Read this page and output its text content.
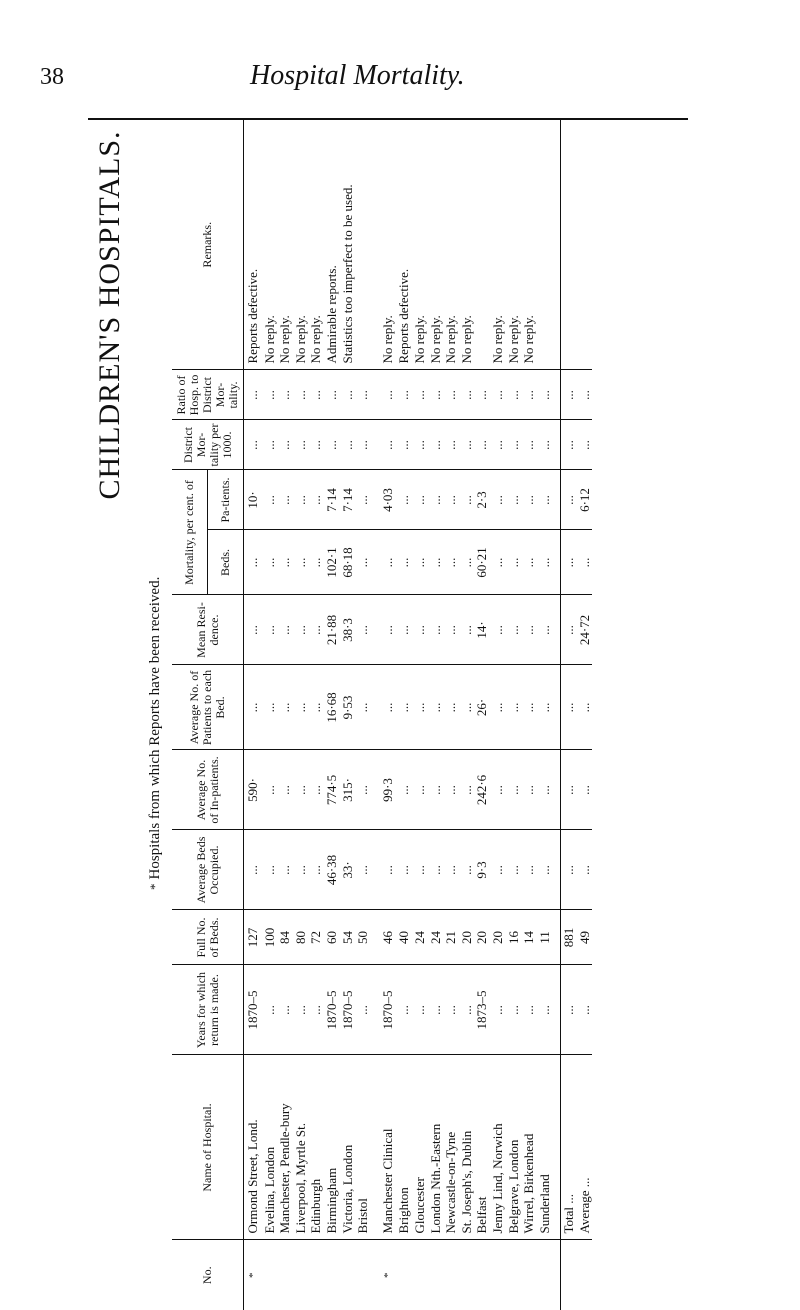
38	Hospital Mortality.
CHILDREN'S HOSPITALS.
*
Hospitals from which Reports have been received.
No.	Name of Hospital.	Years for which return is made.	Full No. of Beds.	Average Beds Occupied.	Average No. of In-patients.	Average No. of Patients to each Bed.	Mean Resi-dence.	Mortality, per cent. of		District Mor-tality per 1000.	Ratio of Hosp. to District Mor-tality.	Remarks.
								Beds.	Pa-tients.			
*	Ormond Street, Lond.	1870–5	127	...	590·	...	...	...	10·	...	...	Reports defective.
	Evelina, London	...	100	...	...	...	...	...	...	...	...	No reply.
	Manchester, Pendle-bury	...	84	...	...	...	...	...	...	...	...	No reply.
	Liverpool, Myrtle St.	...	80	...	...	...	...	...	...	...	...	No reply.
	Edinburgh	...	72	...	...	...	...	...	...	...	...	No reply.
	Birmingham	1870–5	60	46·38	774·5	16·68	21·88	102·1	7·14	...	...	Admirable reports.
	Victoria, London	1870–5	54	33·	315·	9·53	38·3	68·18	7·14	...	...	Statistics too imperfect to be used.
	Bristol	...	50	...	...	...	...	...	...	...	...	

*	Manchester Clinical	1870–5	46	...	99·3	...	...	...	4·03	...	...	No reply.
	Brighton	...	40	...	...	...	...	...	...	...	...	Reports defective.
	Gloucester	...	24	...	...	...	...	...	...	...	...	No reply.
	London Nth.-Eastern	...	24	...	...	...	...	...	...	...	...	No reply.
	Newcastle-on-Tyne	...	21	...	...	...	...	...	...	...	...	No reply.
	St. Joseph's, Dublin	...	20	...	...	...	...	...	...	...	...	No reply.
	Belfast	1873–5	20	9·3	242·6	26·	14·	60·21	2·3	...	...	
	Jenny Lind, Norwich	...	20	...	...	...	...	...	...	...	...	No reply.
	Belgrave, London	...	16	...	...	...	...	...	...	...	...	No reply.
	Wirrel, Birkenhead	...	14	...	...	...	...	...	...	...	...	No reply.
	Sunderland	...	11	...	...	...	...	...	...	...	...	

	Total ...	...	881	...	...	...	...	...	...	...	...	
	Average ...	...	49	...	...	...	24·72	...	6·12	...	...	
